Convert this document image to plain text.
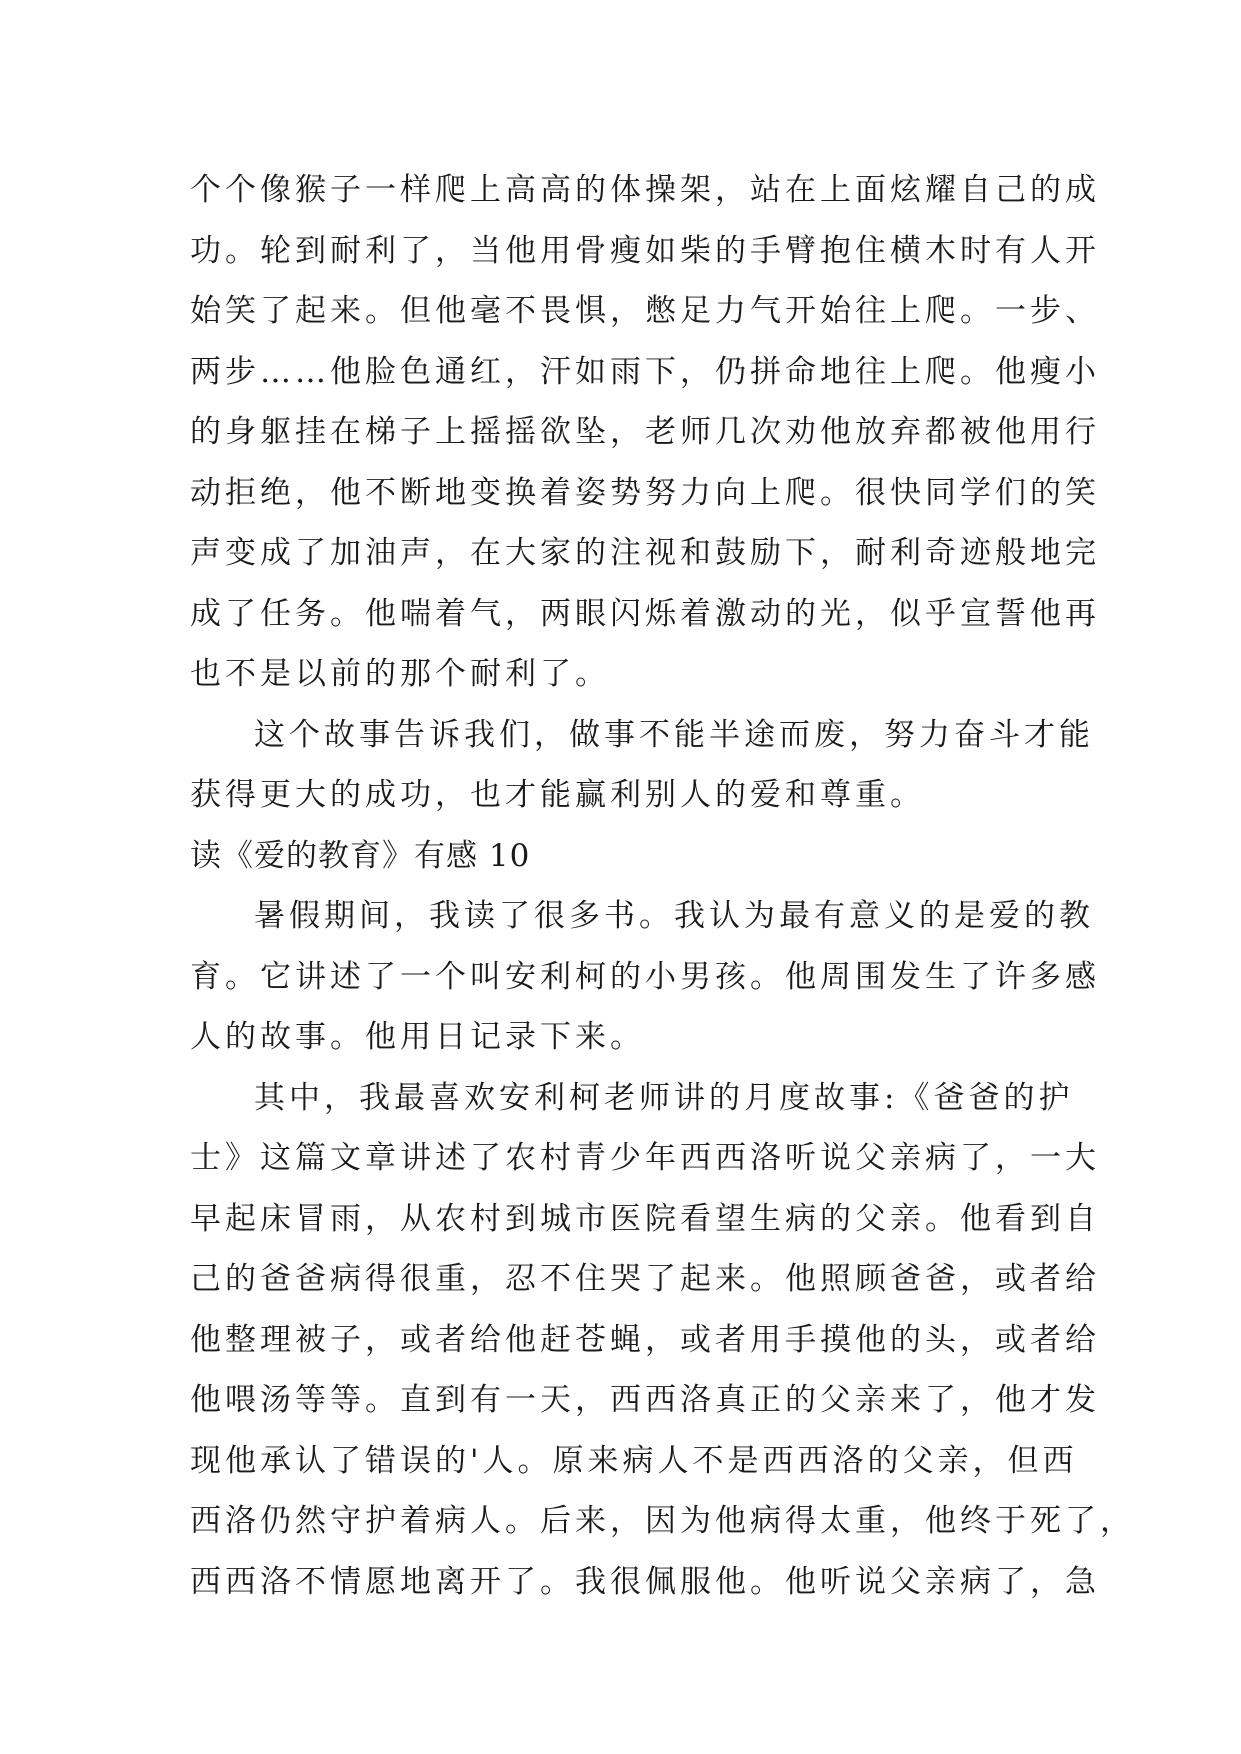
个个像猴子一样爬上高高的体操架，站在上面炫耀自己的成
功。轮到耐利了，当他用骨瘦如柴的手臂抱住横木时有人开
始笑了起来。但他毫不畏惧，憋足力气开始往上爬。一步、
两步……他脸色通红，汗如雨下，仍拼命地往上爬。他瘦小
的身躯挂在梯子上摇摇欲坠，老师几次劝他放弃都被他用行
动拒绝，他不断地变换着姿势努力向上爬。很快同学们的笑
声变成了加油声，在大家的注视和鼓励下，耐利奇迹般地完
成了任务。他喘着气，两眼闪烁着激动的光，似乎宣誓他再
也不是以前的那个耐利了。
这个故事告诉我们，做事不能半途而废，努力奋斗才能
获得更大的成功，也才能赢利别人的爱和尊重。
读《爱的教育》有感 10
暑假期间，我读了很多书。我认为最有意义的是爱的教
育。它讲述了一个叫安利柯的小男孩。他周围发生了许多感
人的故事。他用日记录下来。
其中，我最喜欢安利柯老师讲的月度故事:《爸爸的护
士》这篇文章讲述了农村青少年西西洛听说父亲病了，一大
早起床冒雨，从农村到城市医院看望生病的父亲。他看到自
己的爸爸病得很重，忍不住哭了起来。他照顾爸爸，或者给
他整理被子，或者给他赶苍蝇，或者用手摸他的头，或者给
他喂汤等等。直到有一天，西西洛真正的父亲来了，他才发
现他承认了错误的'人。原来病人不是西西洛的父亲，但西
西洛仍然守护着病人。后来，因为他病得太重，他终于死了，
西西洛不情愿地离开了。我很佩服他。他听说父亲病了，急
